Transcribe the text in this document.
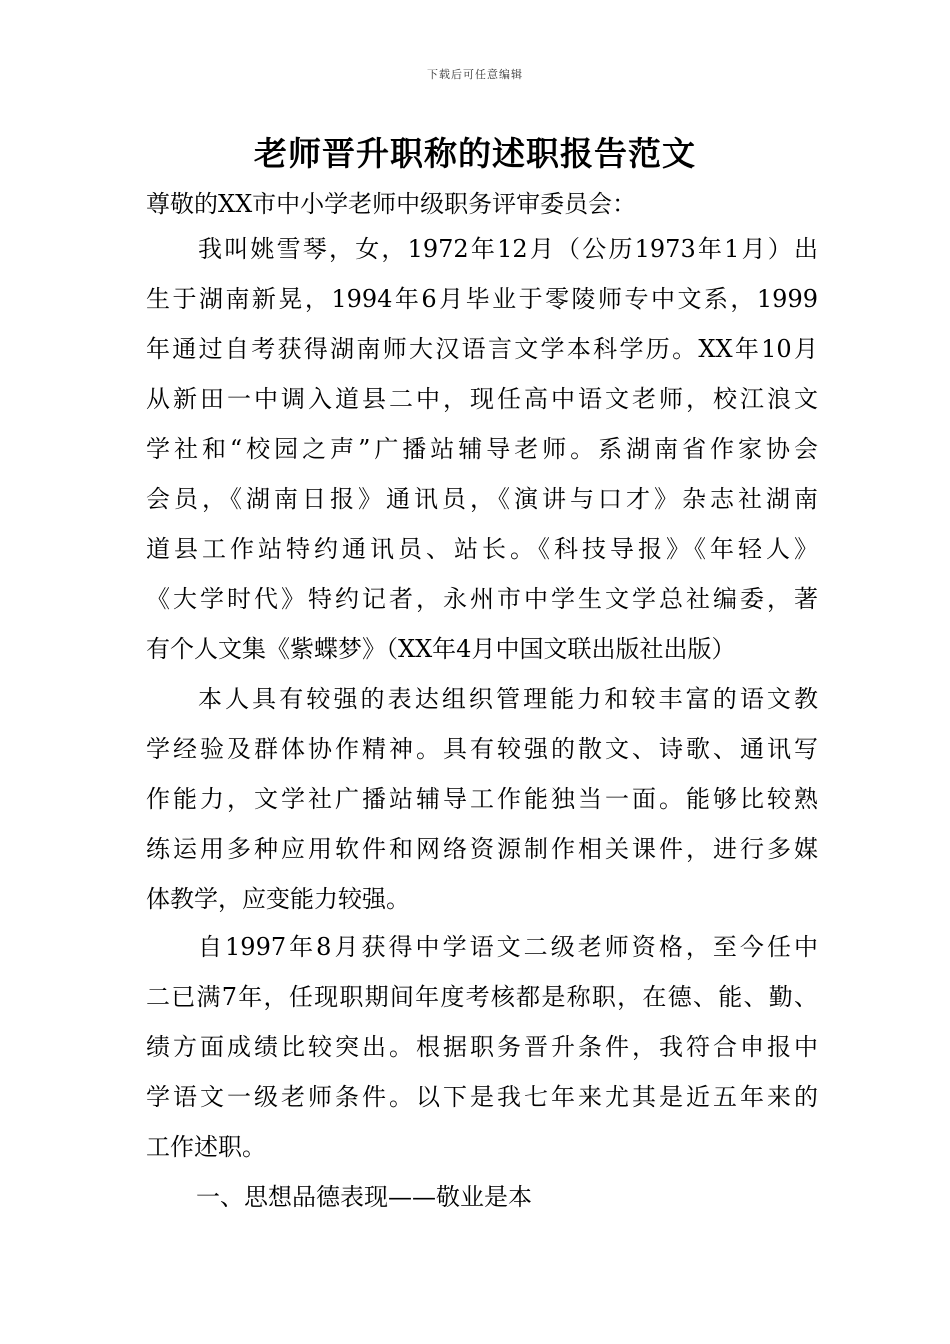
下载后可任意编辑
老师晋升职称的述职报告范文
尊敬的XX市中小学老师中级职务评审委员会：
我叫姚雪琴，女，1972年12月（公历1973年1月）出
生于湖南新晃，1994年6月毕业于零陵师专中文系，1999
年通过自考获得湖南师大汉语言文学本科学历。XX年10月
从新田一中调入道县二中，现任高中语文老师，校江浪文
学社和“校园之声”广播站辅导老师。系湖南省作家协会
会员，《湖南日报》通讯员，《演讲与口才》杂志社湖南
道县工作站特约通讯员、站长。《科技导报》《年轻人》
《大学时代》特约记者，永州市中学生文学总社编委，著
有个人文集《紫蝶梦》（XX年4月中国文联出版社出版）
本人具有较强的表达组织管理能力和较丰富的语文教
学经验及群体协作精神。具有较强的散文、诗歌、通讯写
作能力，文学社广播站辅导工作能独当一面。能够比较熟
练运用多种应用软件和网络资源制作相关课件，进行多媒
体教学，应变能力较强。
自1997年8月获得中学语文二级老师资格，至今任中
二已满7年，任现职期间年度考核都是称职，在德、能、勤、
绩方面成绩比较突出。根据职务晋升条件，我符合申报中
学语文一级老师条件。以下是我七年来尤其是近五年来的
工作述职。
一、思想品德表现——敬业是本
